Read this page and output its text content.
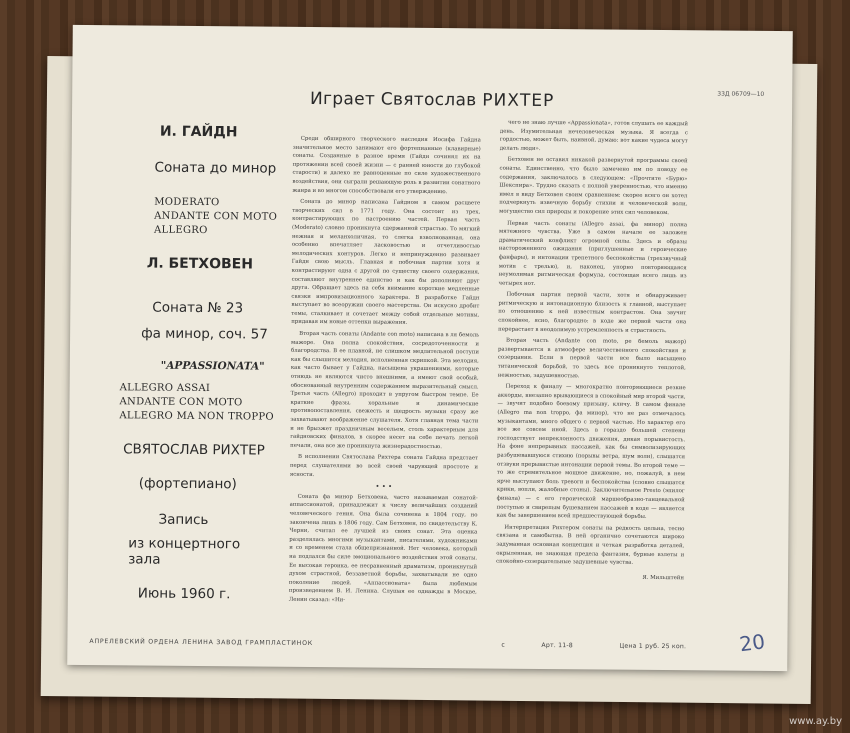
Играет Святослав РИХТЕР	33Д 06709—10

И. ГАЙДН

Соната до минор

MODERATO

ANDANTE CON MOTO

ALLEGRO

Л. БЕТХОВЕН

Соната № 23

фа минор, соч. 57

"APPASSIONATA"

ALLEGRO ASSAI

ANDANTE CON MOTO

ALLEGRO MA NON TROPPO

СВЯТОСЛАВ РИХТЕР

(фортепиано)

Запись

из концертного зала

Июнь 1960 г.

Среди обширного творческого наследия Иосифа Гайдна значительное место занимают его фортепианные (клавирные) сонаты. Созданные в разное время (Гайдн сочинял их на протяжении всей своей жизни — с ранней юности до глубокой старости) и далеко не равноценные по силе художественного воздействия, они сыграли решающую роль в развитии сонатного жанра и во многом способствовали его утверждению.

Соната до минор написана Гайдном в самом расцвете творческих сил в 1771 году. Она состоит из трех, контрастирующих по настроению частей. Первая часть (Moderato) словно проникнута сдержанной страстью. То мягкий нежная и меланхоличная, то слегка взволнованная, она особенно впечатляет ласковостью и отчетливостью мелодических контуров. Легко и непринужденно развивает Гайдн свою мысль. Главная и побочная партии хотя и контрастируют одна с другой по существу своего содержания, составляют внутреннее единство и как бы дополняют друг друга. Обращает здесь на себя внимание короткие медленные связки импровизационного характера. В разработке Гайдн выступает во всеоружии своего мастерства. Он искусно дробит темы, сталкивает и сочетает между собой отдельные мотивы, придавая им новые оттенки выражения.

Вторая часть сонаты (Andante con moto) написана в ля бемоль мажоре. Она полна спокойствия, сосредоточенности и благородства. В ее плавной, не слишком медлительной поступи как бы слышится мелодия, исполненная скрипкой. Эта мелодия, как часто бывает у Гайдна, насыщена украшениями, которые отнюдь не являются чисто внешними, а имеют свой особый, обоснованный внутренним содержанием выразительный смысл. Третья часть (Allegro) проходит в упругом быстром темпе. Ее краткие фразы, хоральные и динамические противопоставления, свежесть и щедрость музыки сразу же захватывают воображение слушателя. Хотя главная тема части и не брызжет праздничным весельем, столь характерным для гайдновских финалов, в скорее несет на себе печать легкой печали, она все же проникнута жизнерадостностью.

В исполнении Святослава Рихтера соната Гайдна предстает перед слушателями во всей своей чарующей простоте и ясности.

• • •

Соната фа минор Бетховена, часто называемая сонатой-аппассионатой, принадлежит к числу величайших созданий человеческого гения. Она была сочинена в 1804 году, но закончена лишь в 1806 году. Сам Бетховен, по свидетельству К. Черни, считал ее лучшей из своих сонат. Эта оценка разделялась многими музыкантами, писателями, художниками и со временем стала общепризнанной. Нет человека, который на подлался бы силе эмоционального воздействия этой сонаты. Ее высокая героика, ее несравненный драматизм, проникнутый духом страстной, беззаветной борьбы, захватывали не одно поколение людей. «Аппассионата» была любимым произведением В. И. Ленина. Слушая ее однажды в Москве, Ленин сказал: «Ни-

чего не знаю лучше «Appassionata», готов слушать ее каждый день. Изумительная нечеловеческая музыка. Я всегда с гордостью, может быть, наивной, думаю: вот какие чудеса могут делать люди».

Бетховен не оставил никакой развернутой программы своей сонаты. Единственно, что было замечено им по поводу ее содержания, заключалось в следующем: «Прочтите «Бурю» Шекспира». Трудно сказать с полной уверенностью, что именно имел в виду Бетховен своим сравнением: скорее всего он хотел подчеркнуть извечную борьбу стихии и человеческой воли, могущество сил природы и покорение этих сил человеком.

Первая часть сонаты (Allegro assai, фа минор) полна мятежного чувства. Уже в самом начале ее заложен драматический конфликт огромной силы. Здесь и образы настороженного ожидания (приглушенные и героические фанфары), и интонации трепетного беспокойства (трехзвучный мотив с трелью), и, наконец, упорно повторяющаяся неумолимая ритмическая формула, состоящая всего лишь из четырех нот.

Побочная партия первой части, хотя и обнаруживает ритмическую и интонационную близость к главной, выступает по отношению к ней известным контрастом. Она звучит спокойнее, ясно, благородно: в коде же первой части она перерастает в неодолимую устремленность и страстность.

Вторая часть (Andante con moto, ре бемоль мажор) развертывается в атмосфере величественного спокойствия и созерцания. Если в первой части все было насыщено титанической борьбой, то здесь все проникнуто теплотой, нежностью, задушевностью.

Переход к финалу — многократно повторяющиеся резкие аккорды, внезапно врывающиеся в спокойный мир второй части, — звучит подобно боевому призыву, кличу. В самом финале (Allegro ma non troppo, фа минор), что не раз отмечалось музыкантами, много общего с первой частью. Но характер его все же совсем иной. Здесь в гораздо большей степени господствует непреклонность движения, дикая порывистость. На фоне непрерывных пассажей, как бы символизирующих разбушевавшуюся стихию (порывы ветра, шум волн), слышатся отзвуки прерывистые интонации первой темы. Во второй теме — то же стремительное мощное движение, но, пожалуй, в нем ярче выступают боль тревоги и беспокойства (словно слышатся крики, вопли, жалобные стоны). Заключительное Presto (эпилог финала) — с его героической маршеобразно-танцевальной поступью и свирепым бушеванием пассажей в коде — является как бы завершением всей предшествующей борьбы.

Интерпретация Рихтером сонаты на редкость цельна, тесно связана и самобытна. В ней органично сочетаются широко задуманная основная концепция и четкая разработка деталей, окрыленная, не знающая предела фантазия, бурные взлеты и спокойно-созерцательные задушевные чувства.

Я. Мильштейн

АПРЕЛЕВСКИЙ ОРДЕНА ЛЕНИНА ЗАВОД ГРАМПЛАСТИНОК	с	Арт. 11-8	Цена 1 руб. 25 коп.	20
www.ay.by
